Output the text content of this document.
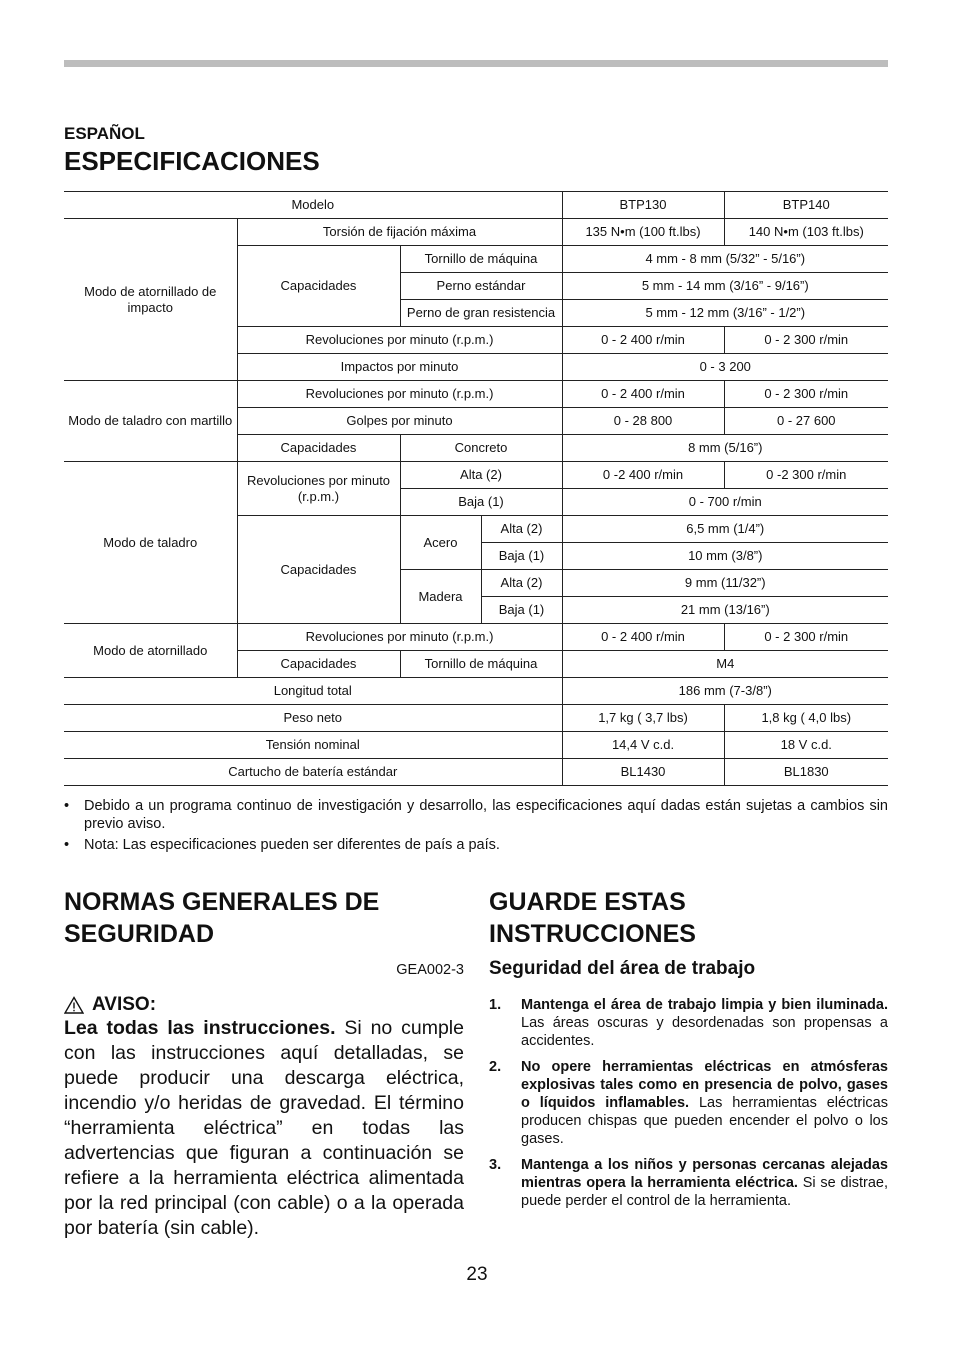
ESPAÑOL
ESPECIFICACIONES
Modelo				BTP130	BTP140
Modo de atornillado de impacto	Torsión de fijación máxima			135 N•m (100 ft.lbs)	140 N•m (103 ft.lbs)
	Capacidades	Tornillo de máquina		4 mm - 8 mm (5/32” - 5/16”)	
		Perno estándar		5 mm - 14 mm (3/16” - 9/16”)	
		Perno de gran resistencia		5 mm - 12 mm (3/16” - 1/2”)	
	Revoluciones por minuto (r.p.m.)			0 - 2 400 r/min	0 - 2 300 r/min
	Impactos por minuto			0 - 3 200	
Modo de taladro con martillo	Revoluciones por minuto (r.p.m.)			0 - 2 400 r/min	0 - 2 300 r/min
	Golpes por minuto			0 - 28 800	0 - 27 600
	Capacidades	Concreto		8 mm (5/16”)	
Modo de taladro	Revoluciones por minuto (r.p.m.)	Alta (2)		0 -2 400 r/min	0 -2 300 r/min
		Baja (1)		0 - 700 r/min	
	Capacidades	Acero	Alta (2)	6,5 mm (1/4”)	
			Baja (1)	10 mm (3/8”)	
		Madera	Alta (2)	9 mm (11/32”)	
			Baja (1)	21 mm (13/16”)	
Modo de atornillado	Revoluciones por minuto (r.p.m.)			0 - 2 400 r/min	0 - 2 300 r/min
	Capacidades	Tornillo de máquina		M4	
Longitud total				186 mm (7-3/8”)	
Peso neto				1,7 kg ( 3,7 lbs)	1,8 kg ( 4,0 lbs)
Tensión nominal				14,4 V c.d.	18 V c.d.
Cartucho de batería estándar				BL1430	BL1830
• Debido a un programa continuo de investigación y desarrollo, las especificaciones aquí dadas están sujetas a cambios sin previo aviso.
• Nota: Las especificaciones pueden ser diferentes de país a país.
NORMAS GENERALES DE SEGURIDAD
GEA002-3
AVISO:
Lea todas las instrucciones. Si no cumple con las instrucciones aquí detalladas, se puede producir una descarga eléctrica, incendio y/o heridas de gravedad. El término “herramienta eléctrica” en todas las advertencias que figuran a continuación se refiere a la herramienta eléctrica alimentada por la red principal (con cable) o a la operada por batería (sin cable).
GUARDE ESTAS INSTRUCCIONES
Seguridad del área de trabajo
1. Mantenga el área de trabajo limpia y bien iluminada. Las áreas oscuras y desordenadas son propensas a accidentes.
2. No opere herramientas eléctricas en atmósferas explosivas tales como en presencia de polvo, gases o líquidos inflamables. Las herramientas eléctricas producen chispas que pueden encender el polvo o los gases.
3. Mantenga a los niños y personas cercanas alejadas mientras opera la herramienta eléctrica. Si se distrae, puede perder el control de la herramienta.
23
